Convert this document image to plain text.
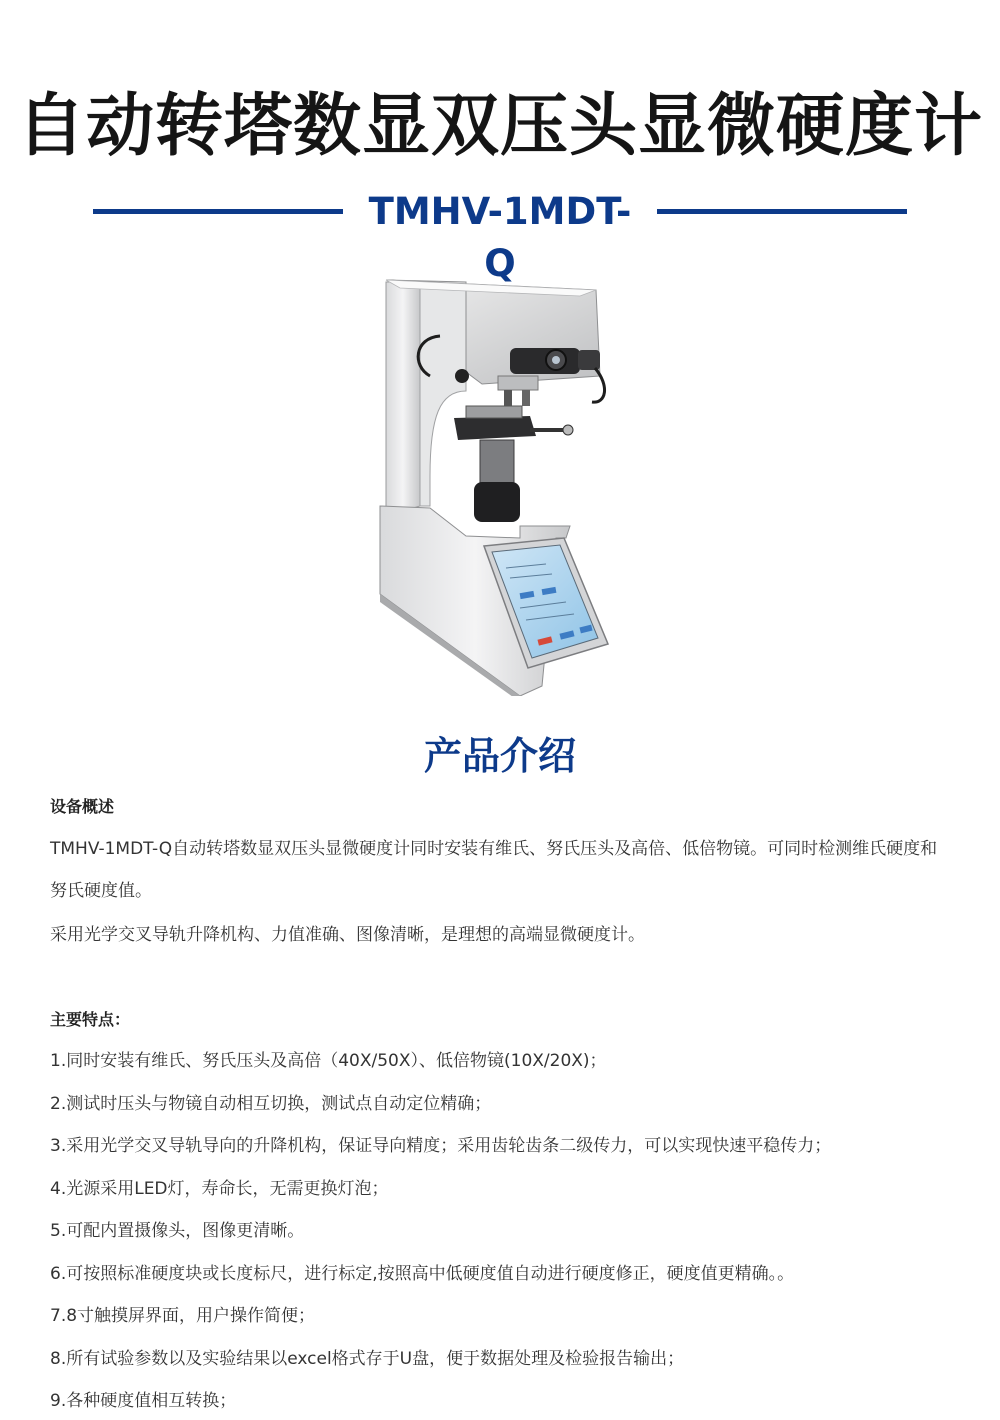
自动转塔数显双压头显微硬度计
TMHV-1MDT-Q
产品介绍
设备概述

TMHV-1MDT-Q自动转塔数显双压头显微硬度计同时安装有维氏、努氏压头及高倍、低倍物镜。可同时检测维氏硬度和努氏硬度值。

采用光学交叉导轨升降机构、力值准确、图像清晰，是理想的高端显微硬度计。

主要特点：

1.同时安装有维氏、努氏压头及高倍（40X/50X）、低倍物镜(10X/20X)；

2.测试时压头与物镜自动相互切换，测试点自动定位精确；

3.采用光学交叉导轨导向的升降机构，保证导向精度；采用齿轮齿条二级传力，可以实现快速平稳传力；

4.光源采用LED灯，寿命长，无需更换灯泡；

5.可配内置摄像头，图像更清晰。

6.可按照标准硬度块或长度标尺，进行标定,按照高中低硬度值自动进行硬度修正，硬度值更精确。。

7.8寸触摸屏界面，用户操作简便；

8.所有试验参数以及实验结果以excel格式存于U盘，便于数据处理及检验报告输出；

9.各种硬度值相互转换；
